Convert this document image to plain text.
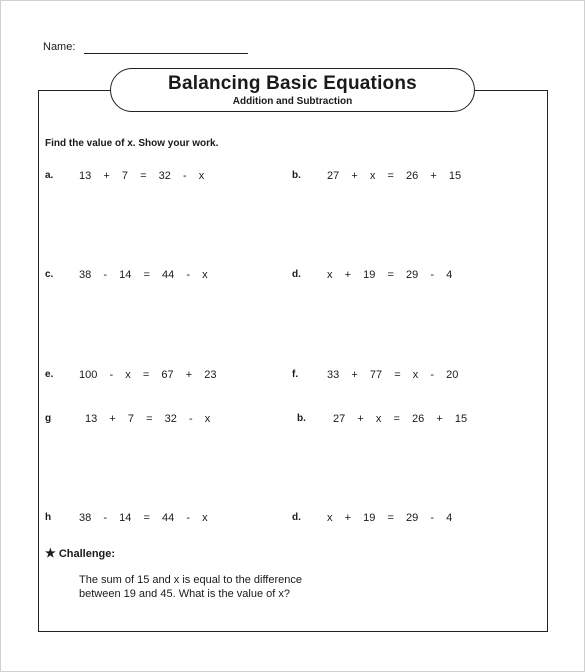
Name:
Balancing Basic Equations
Addition and Subtraction
Find the value of x. Show your work.

a.

13  +  7  =  32  -  x

	b.

27  +  x  =  26  +  15

c.

38  -  14  =  44  -  x

	d.

x  +  19  =  29  -  4

e.

100  -  x  =  67  +  23

	f.

	33  +  77  =  x  -  20

g

	13  +  7  =  32  -  x

	b.

27  +  x  =  26  +  15

h

	38  -  14  =  44  -  x

	d.

x  +  19  =  29  -  4

★ Challenge:
The sum of 15 and x is equal to the difference
between 19 and 45. What is the value of x?
